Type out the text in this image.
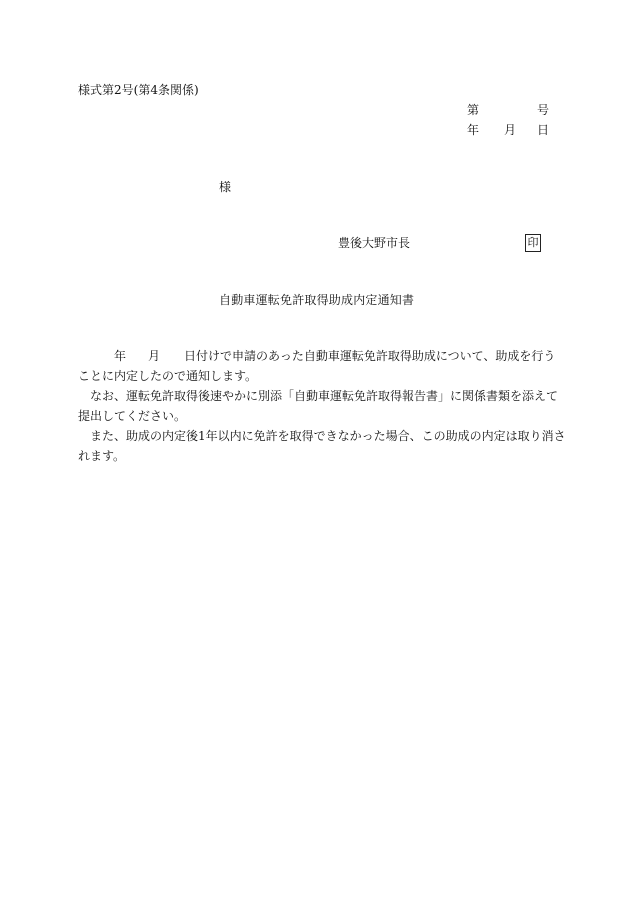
様式第2号(第4条関係)
第	号
年 月 日
様
豊後大野市長	印
自動車運転免許取得助成内定通知書
年 月 日付けで申請のあった自動車運転免許取得助成について、助成を行う
ことに内定したので通知します。
なお、運転免許取得後速やかに別添「自動車運転免許取得報告書」に関係書類を添えて
提出してください。
また、助成の内定後1年以内に免許を取得できなかった場合、この助成の内定は取り消さ
れます。
